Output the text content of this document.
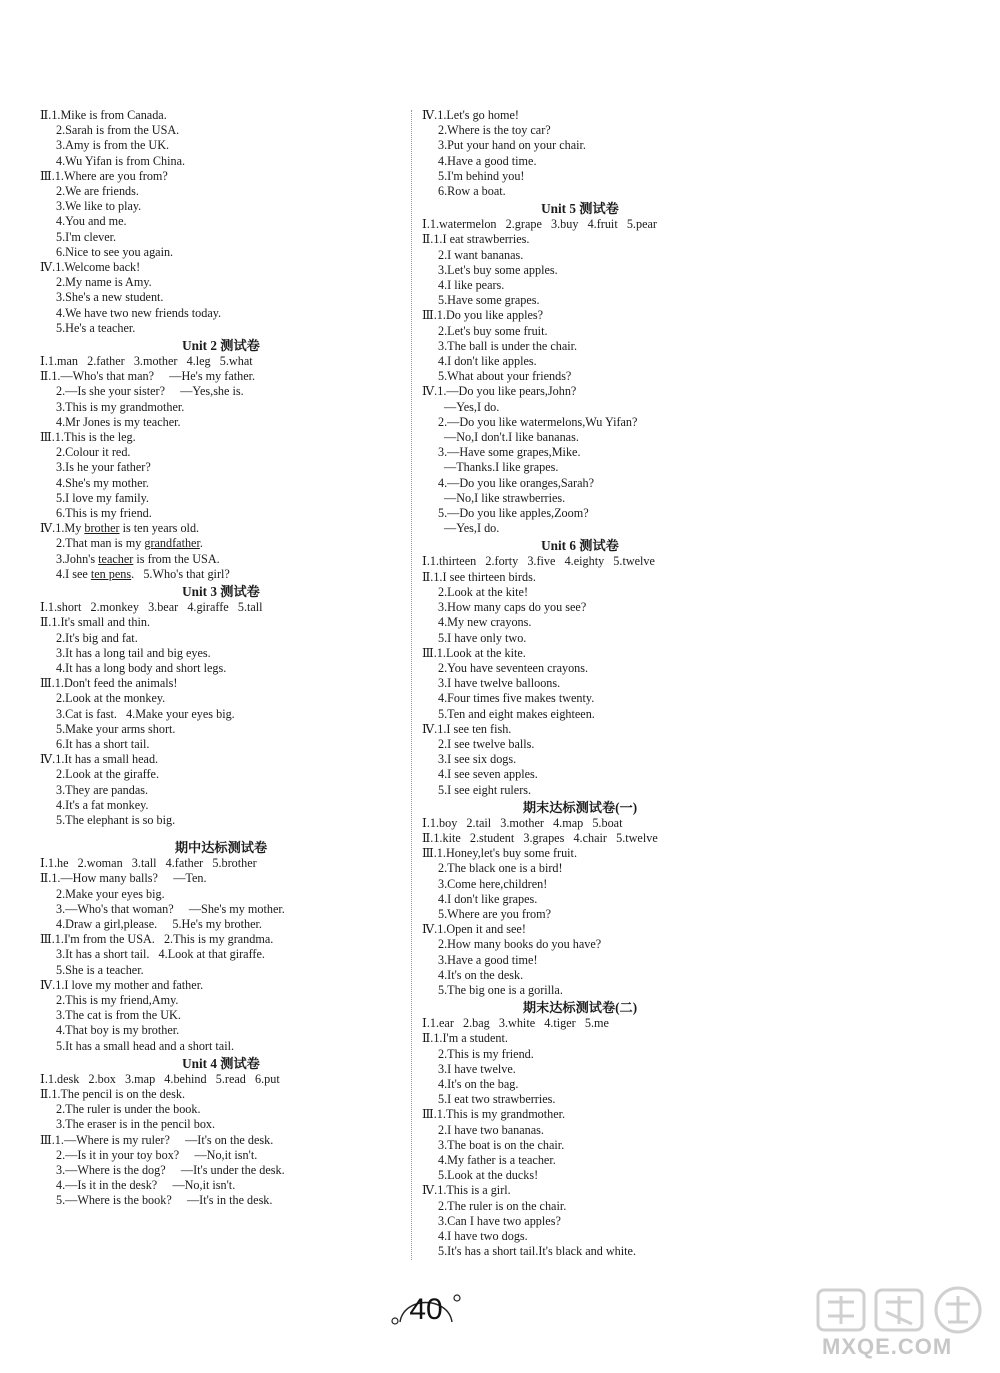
Ⅱ.1.Mike is from Canada.
2.Sarah is from the USA.
3.Amy is from the UK.
4.Wu Yifan is from China.
Ⅲ.1.Where are you from?
2.We are friends.
3.We like to play.
4.You and me.
5.I'm clever.
6.Nice to see you again.
Ⅳ.1.Welcome back!
2.My name is Amy.
3.She's a new student.
4.We have two new friends today.
5.He's a teacher.
Unit 2 测试卷
Ⅰ.1.man   2.father   3.mother   4.leg   5.what
Ⅱ.1.—Who's that man?     —He's my father.
2.—Is she your sister?     —Yes,she is.
3.This is my grandmother.
4.Mr Jones is my teacher.
Ⅲ.1.This is the leg.
2.Colour it red.
3.Is he your father?
4.She's my mother.
5.I love my family.
6.This is my friend.
Ⅳ.1.My brother is ten years old.
2.That man is my grandfather.
3.John's teacher is from the USA.
4.I see ten pens.   5.Who's that girl?
Unit 3 测试卷
Ⅰ.1.short   2.monkey   3.bear   4.giraffe   5.tall
Ⅱ.1.It's small and thin.
2.It's big and fat.
3.It has a long tail and big eyes.
4.It has a long body and short legs.
Ⅲ.1.Don't feed the animals!
2.Look at the monkey.
3.Cat is fast.   4.Make your eyes big.
5.Make your arms short.
6.It has a short tail.
Ⅳ.1.It has a small head.
2.Look at the giraffe.
3.They are pandas.
4.It's a fat monkey.
5.The elephant is so big.
期中达标测试卷
Ⅰ.1.he   2.woman   3.tall   4.father   5.brother
Ⅱ.1.—How many balls?     —Ten.
2.Make your eyes big.
3.—Who's that woman?     —She's my mother.
4.Draw a girl,please.     5.He's my brother.
Ⅲ.1.I'm from the USA.   2.This is my grandma.
3.It has a short tail.   4.Look at that giraffe.
5.She is a teacher.
Ⅳ.1.I love my mother and father.
2.This is my friend,Amy.
3.The cat is from the UK.
4.That boy is my brother.
5.It has a small head and a short tail.
Unit 4 测试卷
Ⅰ.1.desk   2.box   3.map   4.behind   5.read   6.put
Ⅱ.1.The pencil is on the desk.
2.The ruler is under the book.
3.The eraser is in the pencil box.
Ⅲ.1.—Where is my ruler?     —It's on the desk.
2.—Is it in your toy box?     —No,it isn't.
3.—Where is the dog?     —It's under the desk.
4.—Is it in the desk?     —No,it isn't.
5.—Where is the book?     —It's in the desk.
Ⅳ.1.Let's go home!
2.Where is the toy car?
3.Put your hand on your chair.
4.Have a good time.
5.I'm behind you!
6.Row a boat.
Unit 5 测试卷
Ⅰ.1.watermelon   2.grape   3.buy   4.fruit   5.pear
Ⅱ.1.I eat strawberries.
2.I want bananas.
3.Let's buy some apples.
4.I like pears.
5.Have some grapes.
Ⅲ.1.Do you like apples?
2.Let's buy some fruit.
3.The ball is under the chair.
4.I don't like apples.
5.What about your friends?
Ⅳ.1.—Do you like pears,John?
—Yes,I do.
2.—Do you like watermelons,Wu Yifan?
—No,I don't.I like bananas.
3.—Have some grapes,Mike.
—Thanks.I like grapes.
4.—Do you like oranges,Sarah?
—No,I like strawberries.
5.—Do you like apples,Zoom?
—Yes,I do.
Unit 6 测试卷
Ⅰ.1.thirteen   2.forty   3.five   4.eighty   5.twelve
Ⅱ.1.I see thirteen birds.
2.Look at the kite!
3.How many caps do you see?
4.My new crayons.
5.I have only two.
Ⅲ.1.Look at the kite.
2.You have seventeen crayons.
3.I have twelve balloons.
4.Four times five makes twenty.
5.Ten and eight makes eighteen.
Ⅳ.1.I see ten fish.
2.I see twelve balls.
3.I see six dogs.
4.I see seven apples.
5.I see eight rulers.
期末达标测试卷(一)
Ⅰ.1.boy   2.tail   3.mother   4.map   5.boat
Ⅱ.1.kite   2.student   3.grapes   4.chair   5.twelve
Ⅲ.1.Honey,let's buy some fruit.
2.The black one is a bird!
3.Come here,children!
4.I don't like grapes.
5.Where are you from?
Ⅳ.1.Open it and see!
2.How many books do you have?
3.Have a good time!
4.It's on the desk.
5.The big one is a gorilla.
期末达标测试卷(二)
Ⅰ.1.ear   2.bag   3.white   4.tiger   5.me
Ⅱ.1.I'm a student.
2.This is my friend.
3.I have twelve.
4.It's on the bag.
5.I eat two strawberries.
Ⅲ.1.This is my grandmother.
2.I have two bananas.
3.The boat is on the chair.
4.My father is a teacher.
5.Look at the ducks!
Ⅳ.1.This is a girl.
2.The ruler is on the chair.
3.Can I have two apples?
4.I have two dogs.
5.It's has a short tail.It's black and white.
40
MXQE.COM
